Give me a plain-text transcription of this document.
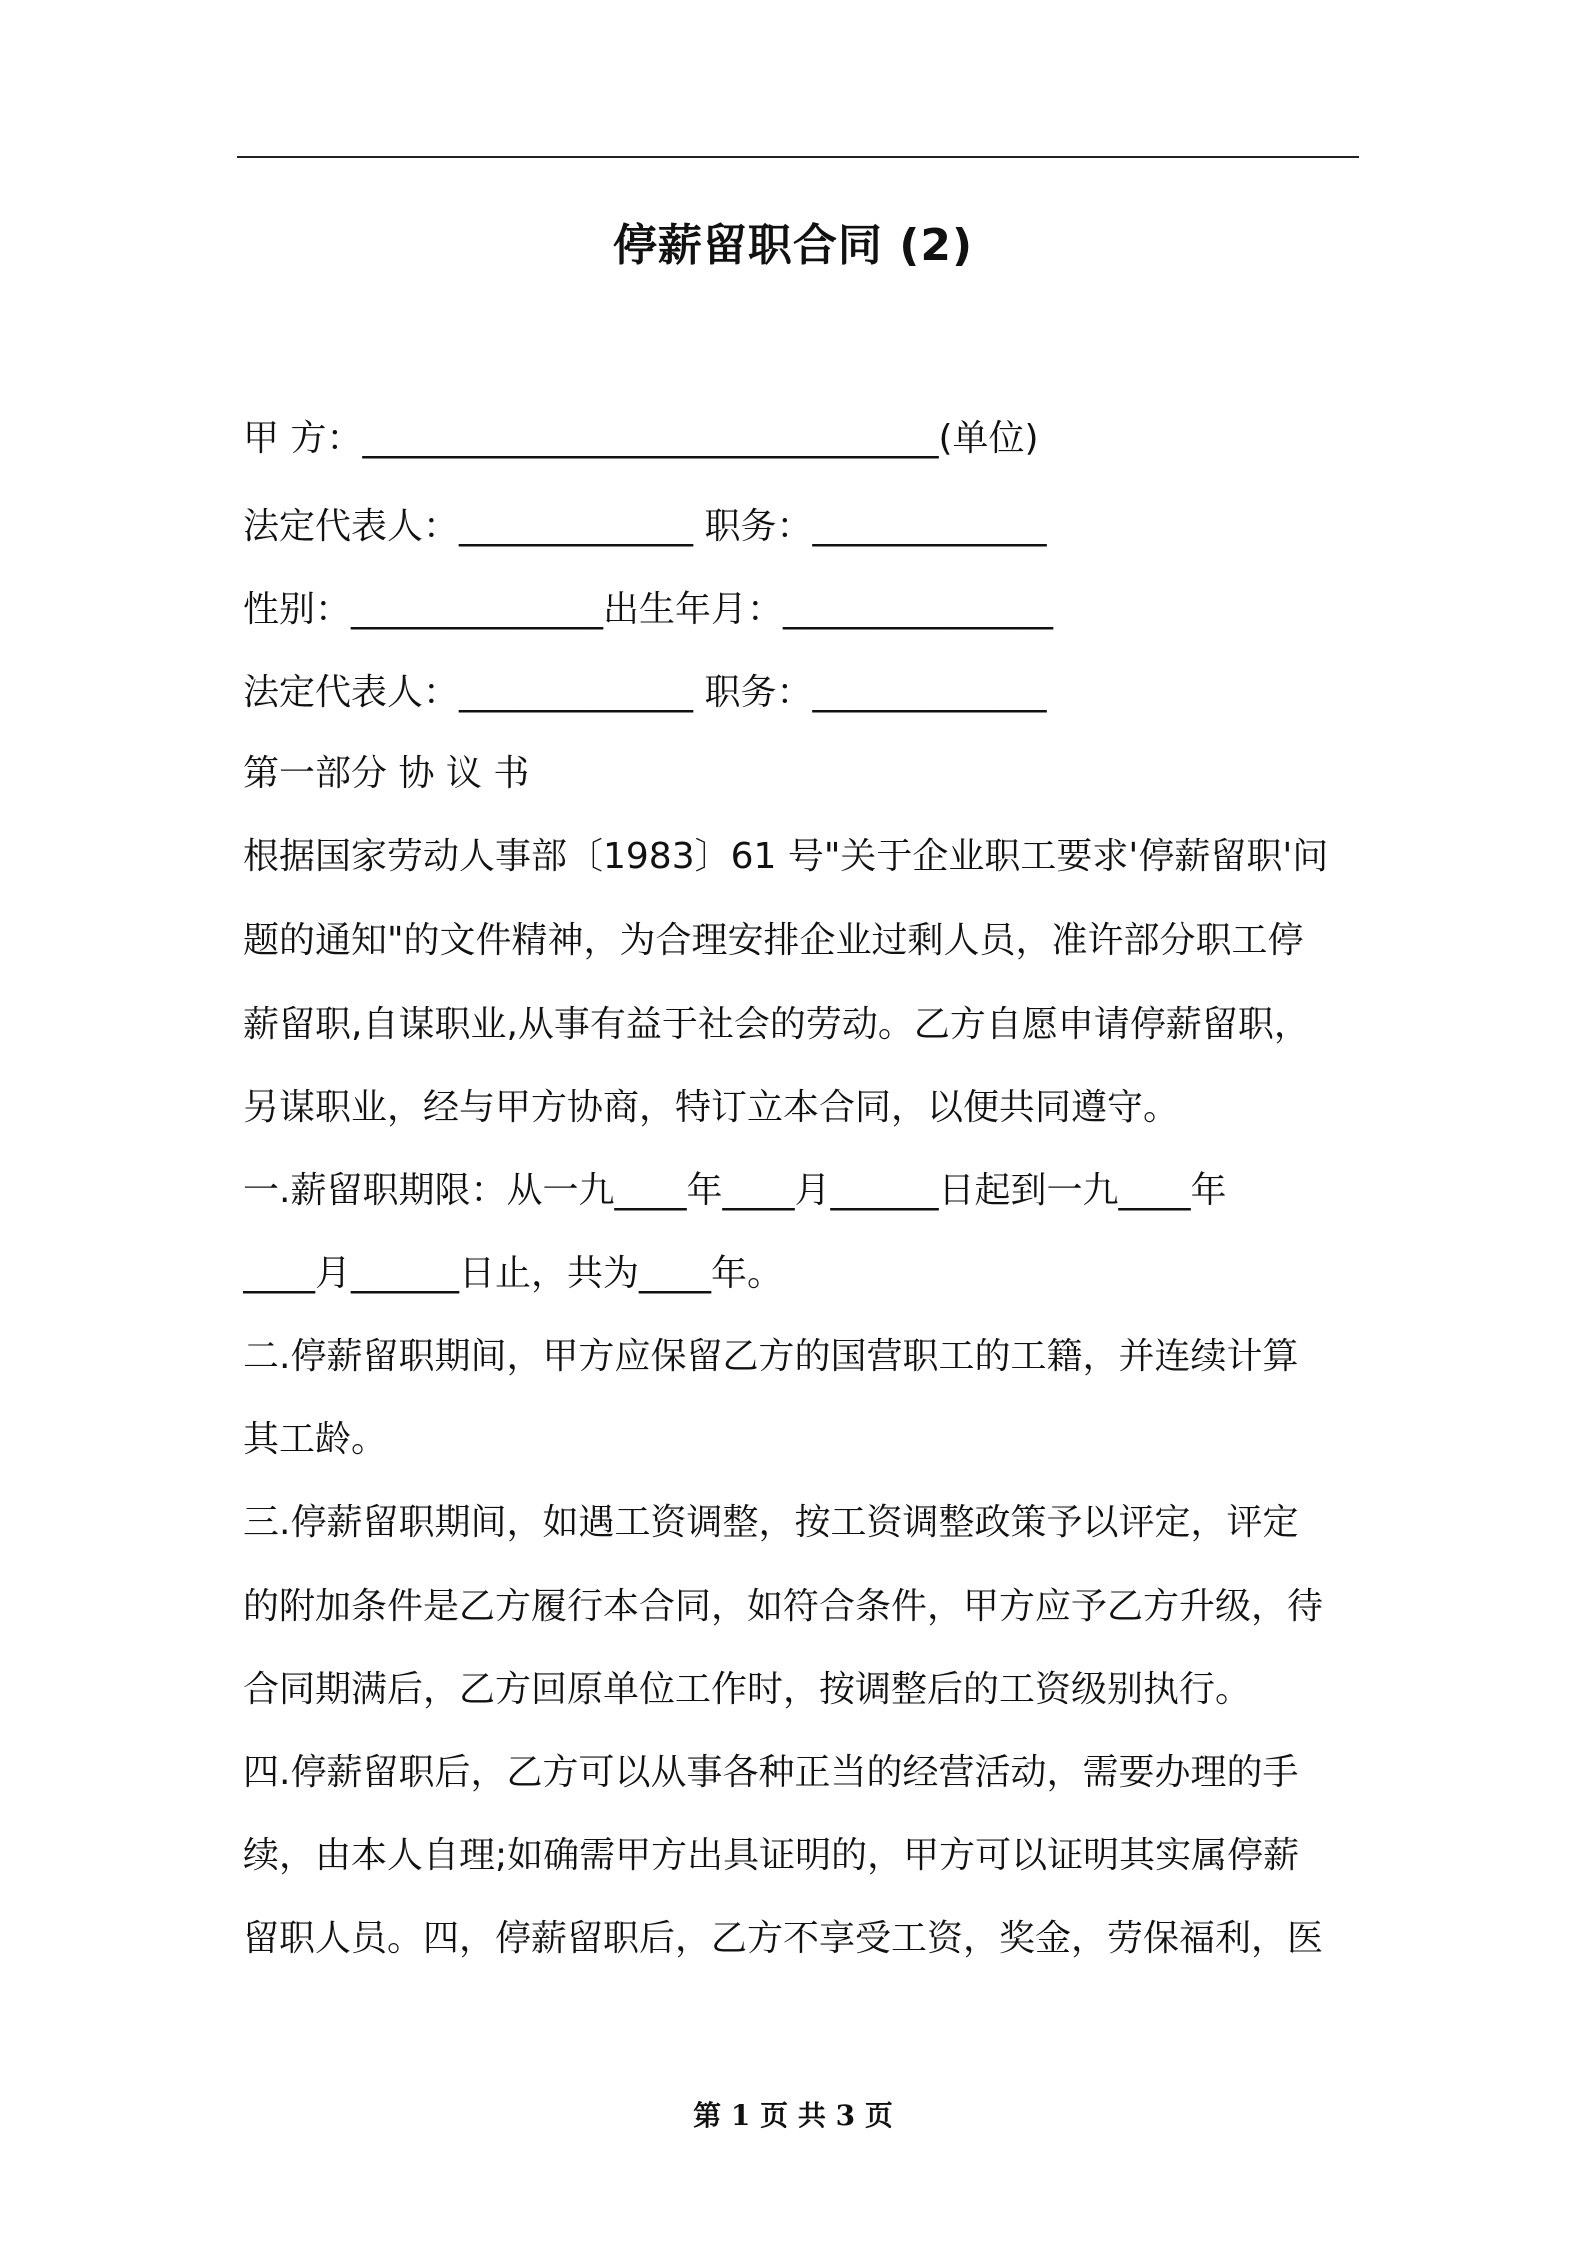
停薪留职合同 (2)
甲 方：________________________________(单位)
法定代表人：_____________ 职务：_____________
性别：______________出生年月：_______________
法定代表人：_____________ 职务：_____________
第一部分 协 议 书
根据国家劳动人事部〔1983〕61 号"关于企业职工要求'停薪留职'问
题的通知"的文件精神，为合理安排企业过剩人员，准许部分职工停
薪留职,自谋职业,从事有益于社会的劳动。乙方自愿申请停薪留职，
另谋职业，经与甲方协商，特订立本合同，以便共同遵守。
一.薪留职期限：从一九____年____月______日起到一九____年
____月______日止，共为____年。
二.停薪留职期间，甲方应保留乙方的国营职工的工籍，并连续计算
其工龄。
三.停薪留职期间，如遇工资调整，按工资调整政策予以评定，评定
的附加条件是乙方履行本合同，如符合条件，甲方应予乙方升级，待
合同期满后，乙方回原单位工作时，按调整后的工资级别执行。
四.停薪留职后，乙方可以从事各种正当的经营活动，需要办理的手
续，由本人自理;如确需甲方出具证明的，甲方可以证明其实属停薪
留职人员。四，停薪留职后，乙方不享受工资，奖金，劳保福利，医
第 1 页 共 3 页
